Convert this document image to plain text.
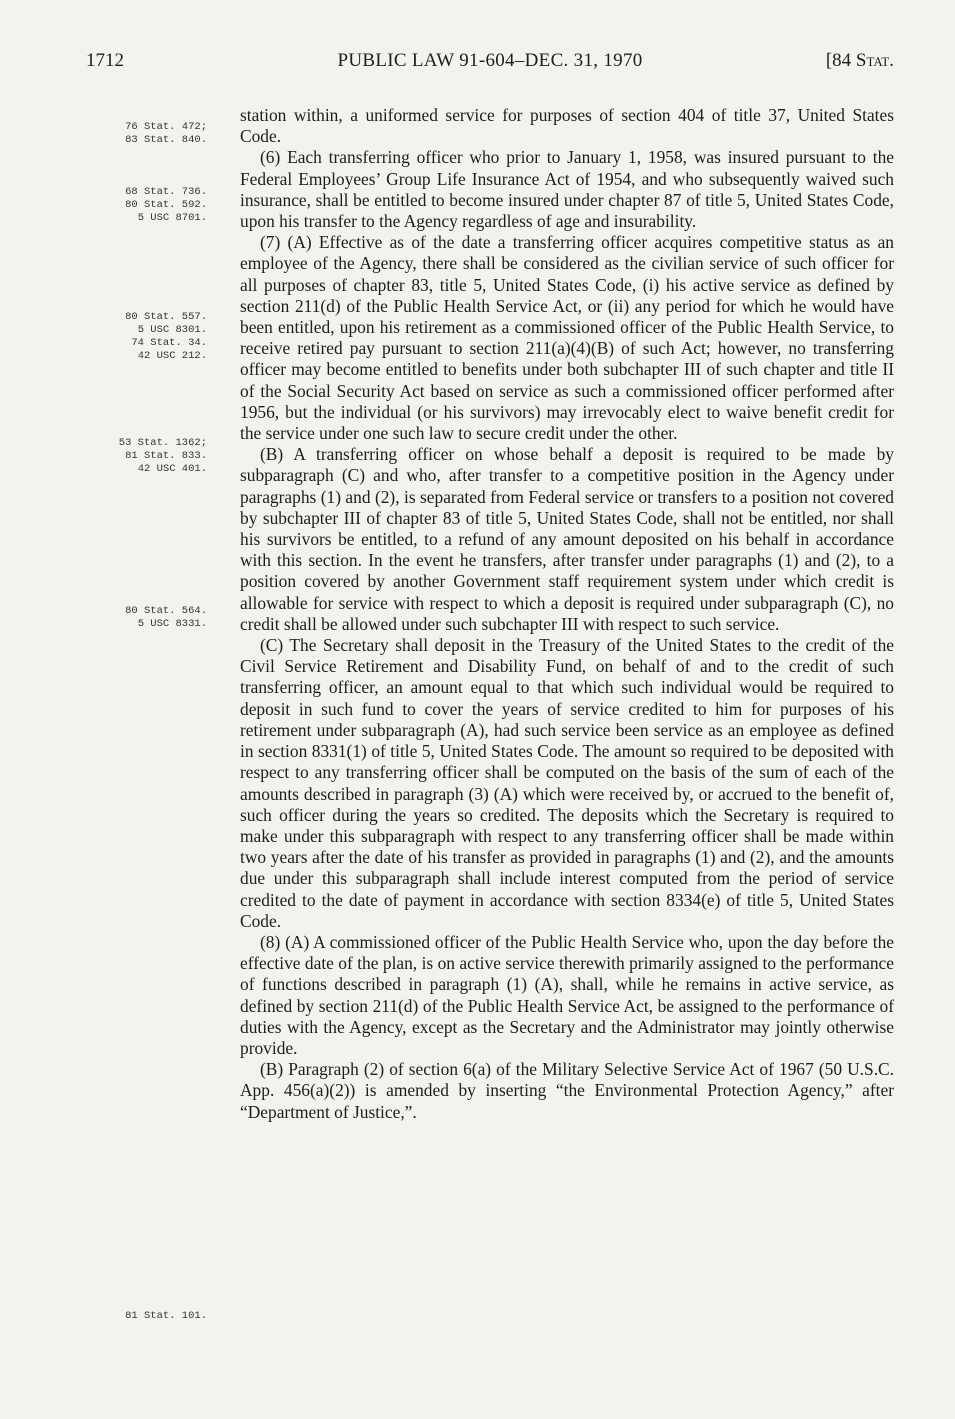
1712	PUBLIC LAW 91-604–DEC. 31, 1970	[84 Stat.
76 Stat. 472;
83 Stat. 840.
68 Stat. 736.
80 Stat. 592.
5 USC 8701.
80 Stat. 557.
5 USC 8301.
74 Stat. 34.
42 USC 212.
53 Stat. 1362;
81 Stat. 833.
42 USC 401.
80 Stat. 564.
5 USC 8331.
81 Stat. 101.

station within, a uniformed service for purposes of section 404 of title 37, United States Code.

(6) Each transferring officer who prior to January 1, 1958, was insured pursuant to the Federal Employees’ Group Life Insurance Act of 1954, and who subsequently waived such insurance, shall be entitled to become insured under chapter 87 of title 5, United States Code, upon his transfer to the Agency regardless of age and insurability.

(7) (A) Effective as of the date a transferring officer acquires competitive status as an employee of the Agency, there shall be considered as the civilian service of such officer for all purposes of chapter 83, title 5, United States Code, (i) his active service as defined by section 211(d) of the Public Health Service Act, or (ii) any period for which he would have been entitled, upon his retirement as a commissioned officer of the Public Health Service, to receive retired pay pursuant to section 211(a)(4)(B) of such Act; however, no transferring officer may become entitled to benefits under both subchapter III of such chapter and title II of the Social Security Act based on service as such a commissioned officer performed after 1956, but the individual (or his survivors) may irrevocably elect to waive benefit credit for the service under one such law to secure credit under the other.

(B) A transferring officer on whose behalf a deposit is required to be made by subparagraph (C) and who, after transfer to a competitive position in the Agency under paragraphs (1) and (2), is separated from Federal service or transfers to a position not covered by subchapter III of chapter 83 of title 5, United States Code, shall not be entitled, nor shall his survivors be entitled, to a refund of any amount deposited on his behalf in accordance with this section. In the event he transfers, after transfer under paragraphs (1) and (2), to a position covered by another Government staff requirement system under which credit is allowable for service with respect to which a deposit is required under subparagraph (C), no credit shall be allowed under such subchapter III with respect to such service.

(C) The Secretary shall deposit in the Treasury of the United States to the credit of the Civil Service Retirement and Disability Fund, on behalf of and to the credit of such transferring officer, an amount equal to that which such individual would be required to deposit in such fund to cover the years of service credited to him for purposes of his retirement under subparagraph (A), had such service been service as an employee as defined in section 8331(1) of title 5, United States Code. The amount so required to be deposited with respect to any transferring officer shall be computed on the basis of the sum of each of the amounts described in paragraph (3) (A) which were received by, or accrued to the benefit of, such officer during the years so credited. The deposits which the Secretary is required to make under this subparagraph with respect to any transferring officer shall be made within two years after the date of his transfer as provided in paragraphs (1) and (2), and the amounts due under this subparagraph shall include interest computed from the period of service credited to the date of payment in accordance with section 8334(e) of title 5, United States Code.

(8) (A) A commissioned officer of the Public Health Service who, upon the day before the effective date of the plan, is on active service therewith primarily assigned to the performance of functions described in paragraph (1) (A), shall, while he remains in active service, as defined by section 211(d) of the Public Health Service Act, be assigned to the performance of duties with the Agency, except as the Secretary and the Administrator may jointly otherwise provide.

(B) Paragraph (2) of section 6(a) of the Military Selective Service Act of 1967 (50 U.S.C. App. 456(a)(2)) is amended by inserting “the Environmental Protection Agency,” after “Department of Justice,”.
